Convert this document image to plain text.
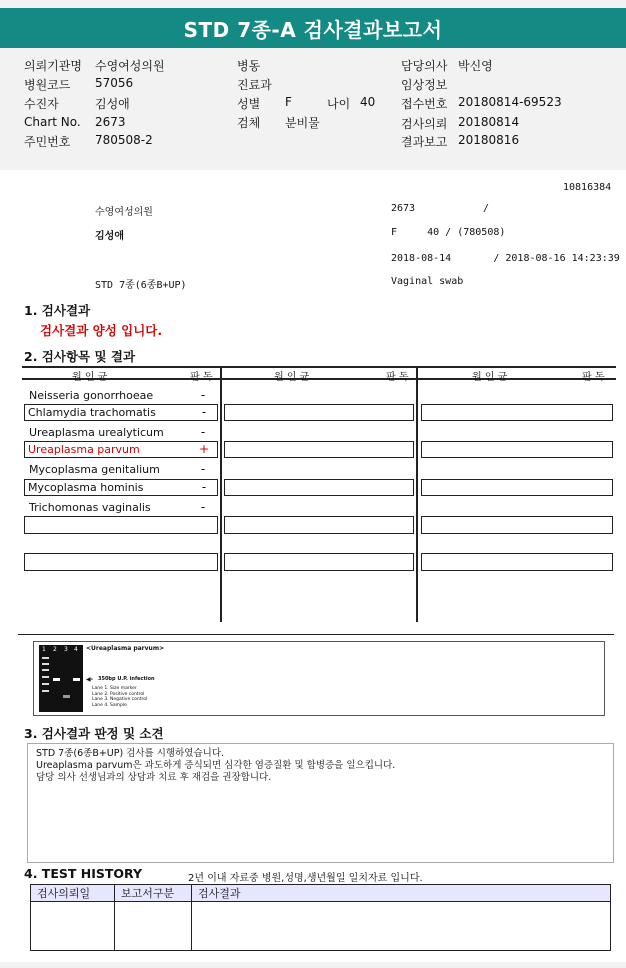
STD 7종-A 검사결과보고서
의뢰기관명 수영여성의원
병원코드 57056
수진자	김성애
Chart No. 2673
주민번호 780508-2
병동
진료과
성별 F	나이 40
검체 분비물
담당의사 박신영
임상정보
접수번호 20180814-69523
검사의뢰 20180814
결과보고 20180816
10816384
수영여성의원	2673	/
김성애	F     40 / (780508)
2018-08-14       / 2018-08-16 14:23:39
STD 7종(6종B+UP)	Vaginal swab
1. 검사결과
검사결과 양성 입니다.
2. 검사항목 및 결과
원 인 균	판 독	원 인 균	판 독	원 인 균	판 독
Neisseria gonorrhoeae	-
Chlamydia trachomatis	-
Ureaplasma urealyticum	-
Ureaplasma parvum	+
Mycoplasma genitalium	-
Mycoplasma hominis	-
Trichomonas vaginalis	-
1 2 3 4 <Ureaplasma parvum>
◀- 350bp U.P. infection
Lane 1. Size marker
Lane 2. Positive control
Lane 3. Negative control
Lane 4. Sample
3. 검사결과 판정 및 소견
STD 7종(6종B+UP) 검사를 시행하였습니다.
Ureaplasma parvum은 과도하게 증식되면 심각한 염증질환 및 합병증을 일으킵니다.
담당 의사 선생님과의 상담과 치료 후 재검을 권장합니다.
4. TEST HISTORY	2년 이내 자료중 병원,성명,생년월일 일치자료 입니다.
검사의뢰일	보고서구분	검사결과
